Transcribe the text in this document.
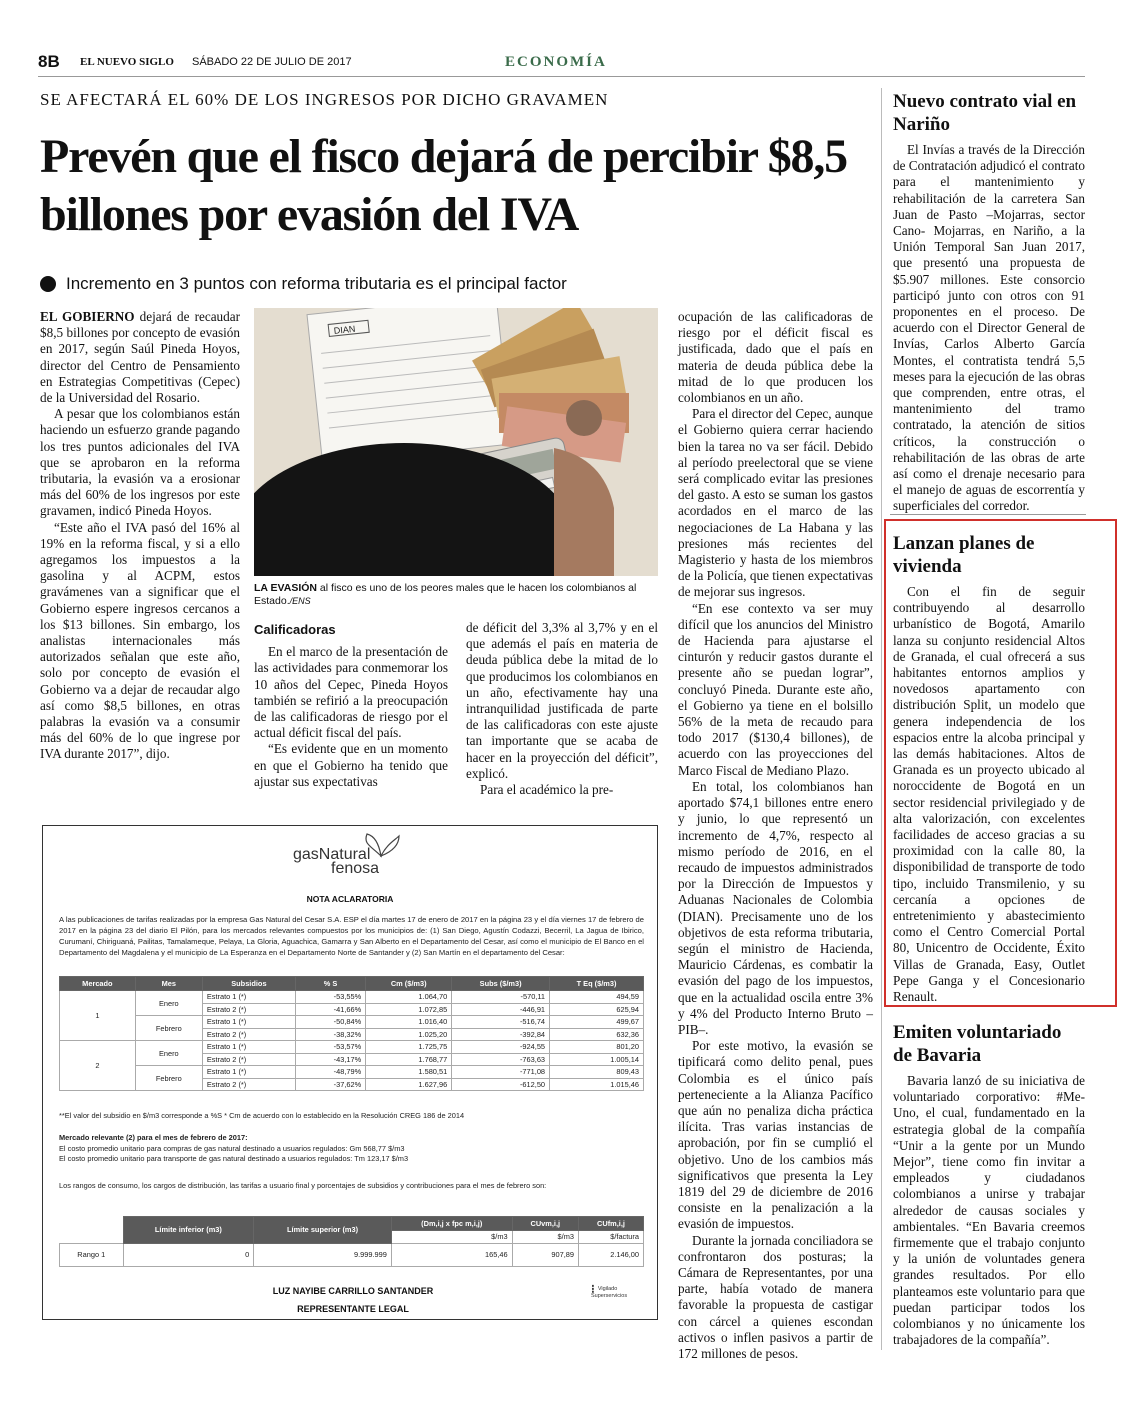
8B EL NUEVO SIGLO SÁBADO 22 DE JULIO DE 2017	ECONOMÍA
SE AFECTARÁ EL 60% DE LOS INGRESOS POR DICHO GRAVAMEN
Prevén que el fisco dejará de percibir $8,5 billones por evasión del IVA
Incremento en 3 puntos con reforma tributaria es el principal factor

EL GOBIERNO dejará de recaudar $8,5 billones por concepto de evasión en 2017, según Saúl Pineda Hoyos, director del Centro de Pensamiento en Estrategias Competitivas (Cepec) de la Universidad del Rosario.

A pesar que los colombianos están haciendo un esfuerzo grande pagando los tres puntos adicionales del IVA que se aprobaron en la reforma tributaria, la evasión va a erosionar más del 60% de los ingresos por este gravamen, indicó Pineda Hoyos.

“Este año el IVA pasó del 16% al 19% en la reforma fiscal, y si a ello agregamos los impuestos a la gasolina y al ACPM, estos gravámenes van a significar que el Gobierno espere ingresos cercanos a los $13 billones. Sin embargo, los analistas internacionales más autorizados señalan que este año, solo por concepto de evasión el Gobierno va a dejar de recaudar algo así como $8,5 billones, en otras palabras la evasión va a consumir más del 60% de lo que ingrese por IVA durante 2017”, dijo.

DIAN
LA EVASIÓN al fisco es uno de los peores males que le hacen los colombianos al Estado./ENS
Calificadoras

En el marco de la presentación de las actividades para conmemorar los 10 años del Cepec, Pineda Hoyos también se refirió a la preocupación de las calificadoras de riesgo por el actual déficit fiscal del país.

“Es evidente que en un momento en que el Gobierno ha tenido que ajustar sus expectativas

de déficit del 3,3% al 3,7% y en el que además el país en materia de deuda pública debe la mitad de lo que producimos los colombianos en un año, efectivamente hay una intranquilidad justificada de parte de las calificadoras con este ajuste tan importante que se acaba de hacer en la proyección del déficit”, explicó.

Para el académico la pre-

ocupación de las calificadoras de riesgo por el déficit fiscal es justificada, dado que el país en materia de deuda pública debe la mitad de lo que producen los colombianos en un año.

Para el director del Cepec, aunque el Gobierno quiera cerrar haciendo bien la tarea no va ser fácil. Debido al período preelectoral que se viene será complicado evitar las presiones del gasto. A esto se suman los gastos acordados en el marco de las negociaciones de La Habana y las presiones más recientes del Magisterio y hasta de los miembros de la Policía, que tienen expectativas de mejorar sus ingresos.

“En ese contexto va ser muy difícil que los anuncios del Ministro de Hacienda para ajustarse el cinturón y reducir gastos durante el presente año se puedan lograr”, concluyó Pineda. Durante este año, el Gobierno ya tiene en el bolsillo 56% de la meta de recaudo para todo 2017 ($130,4 billones), de acuerdo con las proyecciones del Marco Fiscal de Mediano Plazo.

En total, los colombianos han aportado $74,1 billones entre enero y junio, lo que representó un incremento de 4,7%, respecto al mismo período de 2016, en el recaudo de impuestos administrados por la Dirección de Impuestos y Aduanas Nacionales de Colombia (DIAN). Precisamente uno de los objetivos de esta reforma tributaria, según el ministro de Hacienda, Mauricio Cárdenas, es combatir la evasión del pago de los impuestos, que en la actualidad oscila entre 3% y 4% del Producto Interno Bruto –PIB–.

Por este motivo, la evasión se tipificará como delito penal, pues Colombia es el único país perteneciente a la Alianza Pacífico que aún no penaliza dicha práctica ilícita. Tras varias instancias de aprobación, por fin se cumplió el objetivo. Uno de los cambios más significativos que presenta la Ley 1819 del 29 de diciembre de 2016 consiste en la penalización a la evasión de impuestos.

Durante la jornada conciliadora se confrontaron dos posturas; la Cámara de Representantes, por una parte, había votado de manera favorable la propuesta de castigar con cárcel a quienes escondan activos o inflen pasivos a partir de 172 millones de pesos.

Nuevo contrato vial en Nariño

El Invías a través de la Dirección de Contratación adjudicó el contrato para el mantenimiento y rehabilitación de la carretera San Juan de Pasto –Mojarras, sector Cano- Mojarras, en Nariño, a la Unión Temporal San Juan 2017, que presentó una propuesta de $5.907 millones. Este consorcio participó junto con otros con 91 proponentes en el proceso. De acuerdo con el Director General de Invías, Carlos Alberto García Montes, el contratista tendrá 5,5 meses para la ejecución de las obras que comprenden, entre otras, el mantenimiento del tramo contratado, la atención de sitios críticos, la construcción o rehabilitación de las obras de arte así como el drenaje necesario para el manejo de aguas de escorrentía y superficiales del corredor.

Lanzan planes de vivienda

Con el fin de seguir contribuyendo al desarrollo urbanístico de Bogotá, Amarilo lanza su conjunto residencial Altos de Granada, el cual ofrecerá a sus habitantes entornos amplios y novedosos apartamento con distribución Split, un modelo que genera independencia de los espacios entre la alcoba principal y las demás habitaciones. Altos de Granada es un proyecto ubicado al noroccidente de Bogotá en un sector residencial privilegiado y de alta valorización, con excelentes facilidades de acceso gracias a su proximidad con la calle 80, la disponibilidad de transporte de todo tipo, incluido Transmilenio, y su cercanía a opciones de entretenimiento y abastecimiento como el Centro Comercial Portal 80, Unicentro de Occidente, Éxito Villas de Granada, Easy, Outlet Pepe Ganga y el Concesionario Renault.

Emiten voluntariado de Bavaria

Bavaria lanzó de su iniciativa de voluntariado corporativo: #Me-Uno, el cual, fundamentado en la estrategia global de la compañía “Unir a la gente por un Mundo Mejor”, tiene como fin invitar a empleados y ciudadanos colombianos a unirse y trabajar alrededor de causas sociales y ambientales. “En Bavaria creemos firmemente que el trabajo conjunto y la unión de voluntades genera grandes resultados. Por ello planteamos este voluntario para que puedan participar todos los colombianos y no únicamente los trabajadores de la compañía”.

gasNatural
fenosa
NOTA ACLARATORIA
A las publicaciones de tarifas realizadas por la empresa Gas Natural del Cesar S.A. ESP el día martes 17 de enero de 2017 en la página 23 y el día viernes 17 de febrero de 2017 en la página 23 del diario El Pilón, para los mercados relevantes compuestos por los municipios de: (1) San Diego, Agustín Codazzi, Becerril, La Jagua de Ibirico, Curumaní, Chiriguaná, Pailitas, Tamalameque, Pelaya, La Gloria, Aguachica, Gamarra y San Alberto en el Departamento del Cesar, así como el municipio de El Banco en el Departamento del Magdalena y el municipio de La Esperanza en el Departamento Norte de Santander y (2) San Martín en el departamento del Cesar:
Mercado	Mes	Subsidios	% S	Cm ($/m3)	Subs ($/m3)	T Eq ($/m3)
1	Enero	Estrato 1 (*)	-53,55%	1.064,70	-570,11	494,59
		Estrato 2 (*)	-41,66%	1.072,85	-446,91	625,94
	Febrero	Estrato 1 (*)	-50,84%	1.016,40	-516,74	499,67
		Estrato 2 (*)	-38,32%	1.025,20	-392,84	632,36
2	Enero	Estrato 1 (*)	-53,57%	1.725,75	-924,55	801,20
		Estrato 2 (*)	-43,17%	1.768,77	-763,63	1.005,14
	Febrero	Estrato 1 (*)	-48,79%	1.580,51	-771,08	809,43
		Estrato 2 (*)	-37,62%	1.627,96	-612,50	1.015,46
**El valor del subsidio en $/m3 corresponde a %S * Cm de acuerdo con lo establecido en la Resolución CREG 186 de 2014
Mercado relevante (2) para el mes de febrero de 2017:
El costo promedio unitario para compras de gas natural destinado a usuarios regulados: Gm 568,77 $/m3
El costo promedio unitario para transporte de gas natural destinado a usuarios regulados: Tm 123,17 $/m3
Los rangos de consumo, los cargos de distribución, las tarifas a usuario final y porcentajes de subsidios y contribuciones para el mes de febrero son:
	Límite inferior (m3)	Límite superior (m3)	(Dm,i,j x fpc m,i,j)	CUvm,i,j	CUfm,i,j
			$/m3	$/m3	$/factura
Rango 1	0	9.999.999	165,46	907,89	2.146,00
LUZ NAYIBE CARRILLO SANTANDER
REPRESENTANTE LEGAL
⁝ Vigilado
Superservicios
